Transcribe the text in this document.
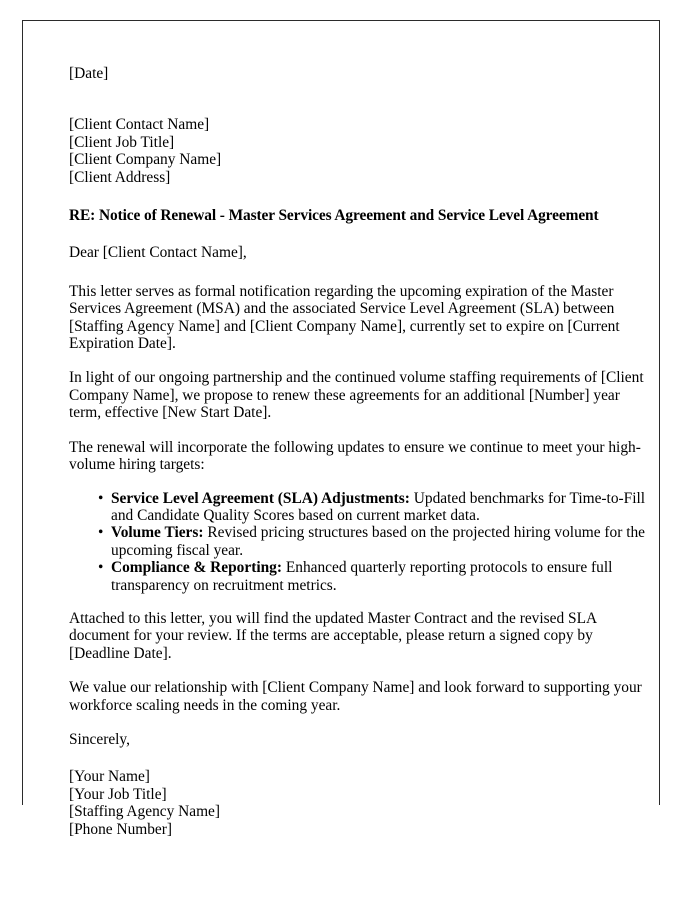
[Date]
[Client Contact Name]
[Client Job Title]
[Client Company Name]
[Client Address]
RE: Notice of Renewal - Master Services Agreement and Service Level Agreement
Dear [Client Contact Name],

This letter serves as formal notification regarding the upcoming expiration of the Master Services Agreement (MSA) and the associated Service Level Agreement (SLA) between [Staffing Agency Name] and [Client Company Name], currently set to expire on [Current Expiration Date].

In light of our ongoing partnership and the continued volume staffing requirements of [Client Company Name], we propose to renew these agreements for an additional [Number] year term, effective [New Start Date].

The renewal will incorporate the following updates to ensure we continue to meet your high-volume hiring targets:

• Service Level Agreement (SLA) Adjustments: Updated benchmarks for Time-to-Fill and Candidate Quality Scores based on current market data.
• Volume Tiers: Revised pricing structures based on the projected hiring volume for the upcoming fiscal year.
• Compliance & Reporting: Enhanced quarterly reporting protocols to ensure full transparency on recruitment metrics.

Attached to this letter, you will find the updated Master Contract and the revised SLA document for your review. If the terms are acceptable, please return a signed copy by [Deadline Date].

We value our relationship with [Client Company Name] and look forward to supporting your workforce scaling needs in the coming year.

Sincerely,
[Your Name]
[Your Job Title]
[Staffing Agency Name]
[Phone Number]
